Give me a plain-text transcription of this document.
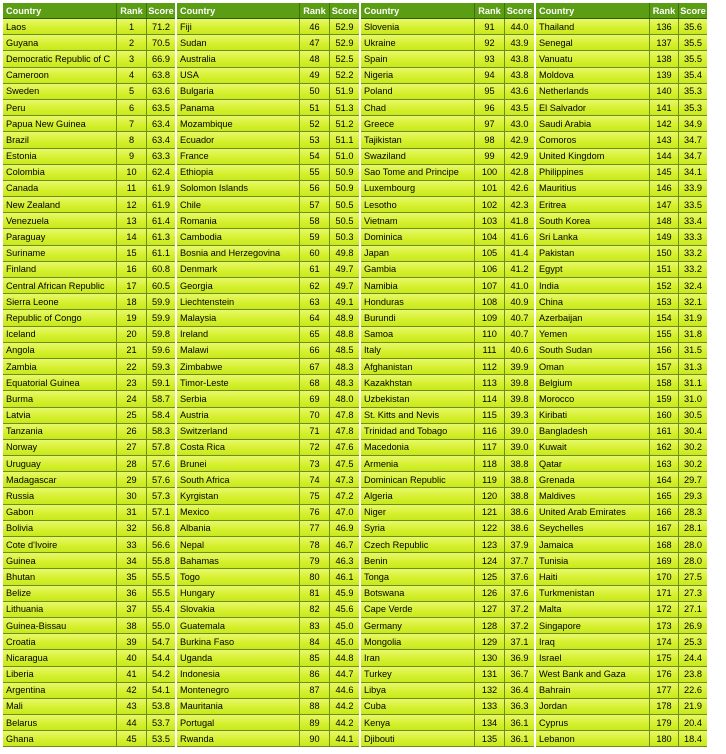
Country	Rank Score
Laos	1	71.2
Guyana	2	70.5
Democratic Republic of C	3	66.9
Cameroon	4	63.8
Sweden	5	63.6
Peru	6	63.5
Papua New Guinea	7	63.4
Brazil	8	63.4
Estonia	9	63.3
Colombia	10	62.4
Canada	11	61.9
New Zealand	12	61.9
Venezuela	13	61.4
Paraguay	14	61.3
Suriname	15	61.1
Finland	16	60.8
Central African Republic	17	60.5
Sierra Leone	18	59.9
Republic of Congo	19	59.9
Iceland	20	59.8
Angola	21	59.6
Zambia	22	59.3
Equatorial Guinea	23	59.1
Burma	24	58.7
Latvia	25	58.4
Tanzania	26	58.3
Norway	27	57.8
Uruguay	28	57.6
Madagascar	29	57.6
Russia	30	57.3
Gabon	31	57.1
Bolivia	32	56.8
Cote d'Ivoire	33	56.6
Guinea	34	55.8
Bhutan	35	55.5
Belize	36	55.5
Lithuania	37	55.4
Guinea-Bissau	38	55.0
Croatia	39	54.7
Nicaragua	40	54.4
Liberia	41	54.2
Argentina	42	54.1
Mali	43	53.8
Belarus	44	53.7
Ghana	45	53.5
Country	Rank Score
Fiji	46	52.9
Sudan	47	52.9
Australia	48	52.5
USA	49	52.2
Bulgaria	50	51.9
Panama	51	51.3
Mozambique	52	51.2
Ecuador	53	51.1
France	54	51.0
Ethiopia	55	50.9
Solomon Islands	56	50.9
Chile	57	50.5
Romania	58	50.5
Cambodia	59	50.3
Bosnia and Herzegovina	60	49.8
Denmark	61	49.7
Georgia	62	49.7
Liechtenstein	63	49.1
Malaysia	64	48.9
Ireland	65	48.8
Malawi	66	48.5
Zimbabwe	67	48.3
Timor-Leste	68	48.3
Serbia	69	48.0
Austria	70	47.8
Switzerland	71	47.8
Costa Rica	72	47.6
Brunei	73	47.5
South Africa	74	47.3
Kyrgistan	75	47.2
Mexico	76	47.0
Albania	77	46.9
Nepal	78	46.7
Bahamas	79	46.3
Togo	80	46.1
Hungary	81	45.9
Slovakia	82	45.6
Guatemala	83	45.0
Burkina Faso	84	45.0
Uganda	85	44.8
Indonesia	86	44.7
Montenegro	87	44.6
Mauritania	88	44.2
Portugal	89	44.2
Rwanda	90	44.1
Country	Rank Score
Slovenia	91	44.0
Ukraine	92	43.9
Spain	93	43.8
Nigeria	94	43.8
Poland	95	43.6
Chad	96	43.5
Greece	97	43.0
Tajikistan	98	42.9
Swaziland	99	42.9
Sao Tome and Principe	100	42.8
Luxembourg	101	42.6
Lesotho	102	42.3
Vietnam	103	41.8
Dominica	104	41.6
Japan	105	41.4
Gambia	106	41.2
Namibia	107	41.0
Honduras	108	40.9
Burundi	109	40.7
Samoa	110	40.7
Italy	111	40.6
Afghanistan	112	39.9
Kazakhstan	113	39.8
Uzbekistan	114	39.8
St. Kitts and Nevis	115	39.3
Trinidad and Tobago	116	39.0
Macedonia	117	39.0
Armenia	118	38.8
Dominican Republic	119	38.8
Algeria	120	38.8
Niger	121	38.6
Syria	122	38.6
Czech Republic	123	37.9
Benin	124	37.7
Tonga	125	37.6
Botswana	126	37.6
Cape Verde	127	37.2
Germany	128	37.2
Mongolia	129	37.1
Iran	130	36.9
Turkey	131	36.7
Libya	132	36.4
Cuba	133	36.3
Kenya	134	36.1
Djibouti	135	36.1
Country	Rank Score
Thailand	136	35.6
Senegal	137	35.5
Vanuatu	138	35.5
Moldova	139	35.4
Netherlands	140	35.3
El Salvador	141	35.3
Saudi Arabia	142	34.9
Comoros	143	34.7
United Kingdom	144	34.7
Philippines	145	34.1
Mauritius	146	33.9
Eritrea	147	33.5
South Korea	148	33.4
Sri Lanka	149	33.3
Pakistan	150	33.2
Egypt	151	33.2
India	152	32.4
China	153	32.1
Azerbaijan	154	31.9
Yemen	155	31.8
South Sudan	156	31.5
Oman	157	31.3
Belgium	158	31.1
Morocco	159	31.0
Kiribati	160	30.5
Bangladesh	161	30.4
Kuwait	162	30.2
Qatar	163	30.2
Grenada	164	29.7
Maldives	165	29.3
United Arab Emirates	166	28.3
Seychelles	167	28.1
Jamaica	168	28.0
Tunisia	169	28.0
Haiti	170	27.5
Turkmenistan	171	27.3
Malta	172	27.1
Singapore	173	26.9
Iraq	174	25.3
Israel	175	24.4
West Bank and Gaza	176	23.8
Bahrain	177	22.6
Jordan	178	21.9
Cyprus	179	20.4
Lebanon	180	18.4
